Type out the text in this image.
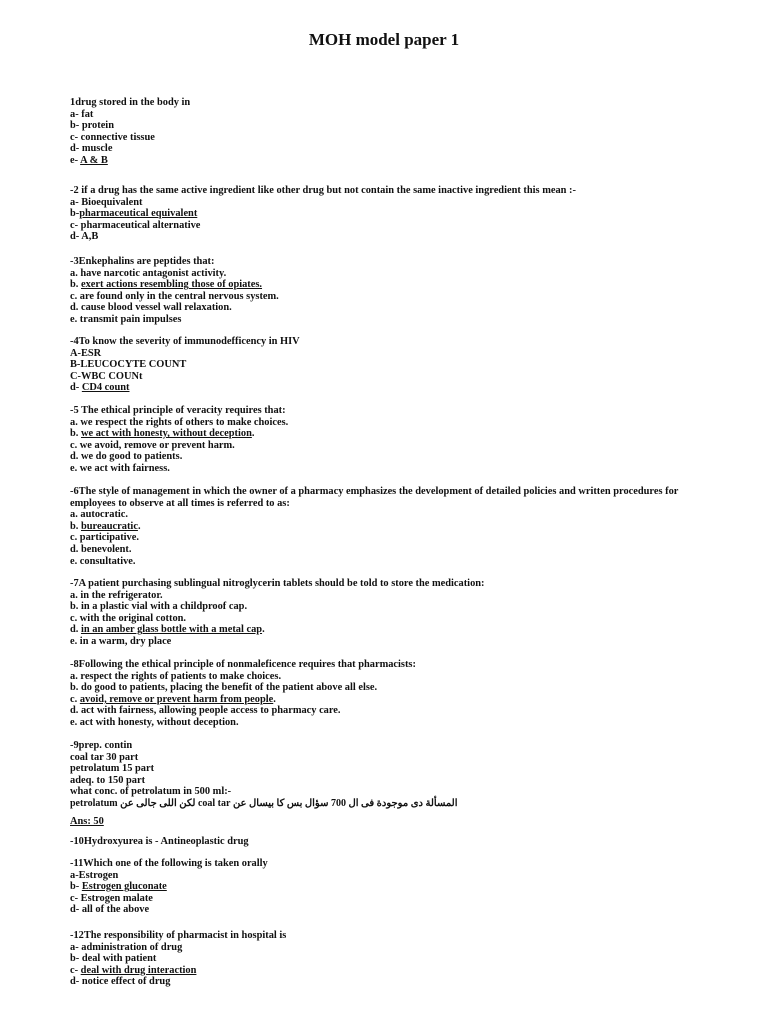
MOH model paper 1
1drug stored in the body in
a- fat
b- protein
c- connective tissue
d- muscle
e- A & B
-2 if a drug has the same active ingredient like other drug but not contain the same inactive ingredient this mean :-
a- Bioequivalent
b-pharmaceutical equivalent
c- pharmaceutical alternative
d- A,B
-3Enkephalins are peptides that:
a. have narcotic antagonist activity.
b. exert actions resembling those of opiates.
c. are found only in the central nervous system.
d. cause blood vessel wall relaxation.
e. transmit pain impulses
-4To know the severity of immunodefficency in HIV
A-ESR
B-LEUCOCYTE COUNT
C-WBC COUNt
d- CD4 count
-5 The ethical principle of veracity requires that:
a. we respect the rights of others to make choices.
b. we act with honesty, without deception.
c. we avoid, remove or prevent harm.
d. we do good to patients.
e. we act with fairness.
-6The style of management in which the owner of a pharmacy emphasizes the development of detailed policies and written procedures for employees to observe at all times is referred to as:
a. autocratic.
b. bureaucratic.
c. participative.
d. benevolent.
e. consultative.
-7A patient purchasing sublingual nitroglycerin tablets should be told to store the medication:
a. in the refrigerator.
b. in a plastic vial with a childproof cap.
c. with the original cotton.
d. in an amber glass bottle with a metal cap.
e. in a warm, dry place
-8Following the ethical principle of nonmaleficence requires that pharmacists:
a. respect the rights of patients to make choices.
b. do good to patients, placing the benefit of the patient above all else.
c. avoid, remove or prevent harm from people.
d. act with fairness, allowing people access to pharmacy care.
e. act with honesty, without deception.
-9prep. contin
coal tar 30 part
petrolatum 15 part
adeq. to 150 part
what conc. of petrolatum in 500 ml:-
المسألة دى موجودة فى ال 700 سؤال بس كا بيسال عن coal tar لكن اللى جالى عن petrolatum
Ans: 50
-10Hydroxyurea is - Antineoplastic drug
-11Which one of the following is taken orally
a-Estrogen
b- Estrogen gluconate
c- Estrogen malate
d- all of the above
-12The responsibility of pharmacist in hospital is
a- administration of drug
b- deal with patient
c- deal with drug interaction
d- notice effect of drug
